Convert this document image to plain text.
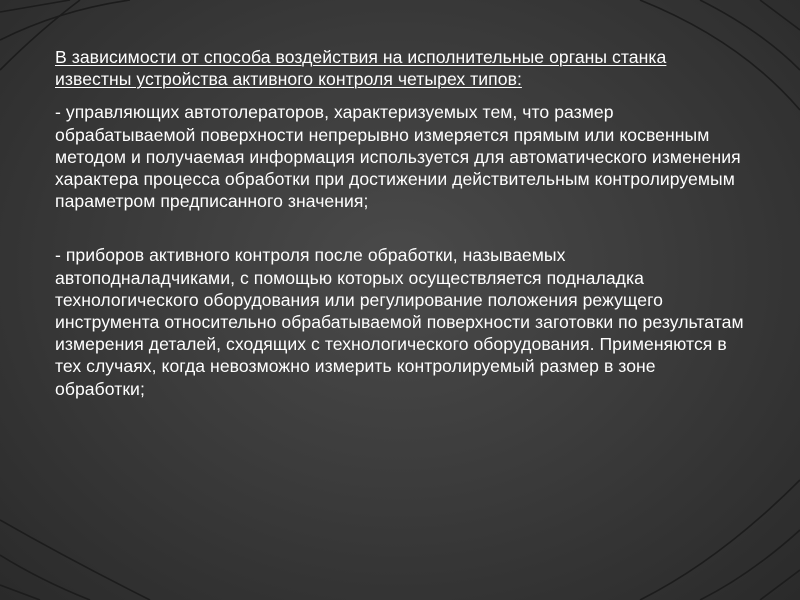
В зависимости от способа воздействия на исполнительные органы станка известны устройства активного контроля четырех типов:

- управляющих автотолераторов, характеризуемых тем, что размер обрабатываемой поверхности непрерывно измеряется прямым или косвенным методом и получаемая информация используется для автоматического изменения характера процесса обработки при достижении действительным контролируемым параметром предписанного значения;

- приборов активного контроля после обработки, называемых автоподналадчиками, с помощью которых осуществляется подналадка технологического оборудования или регулирование положения режущего инструмента относительно обрабатываемой поверхности заготовки по результатам измерения деталей, сходящих с технологического оборудования. Применяются в тех случаях, когда невозможно измерить контролируемый размер в зоне обработки;
